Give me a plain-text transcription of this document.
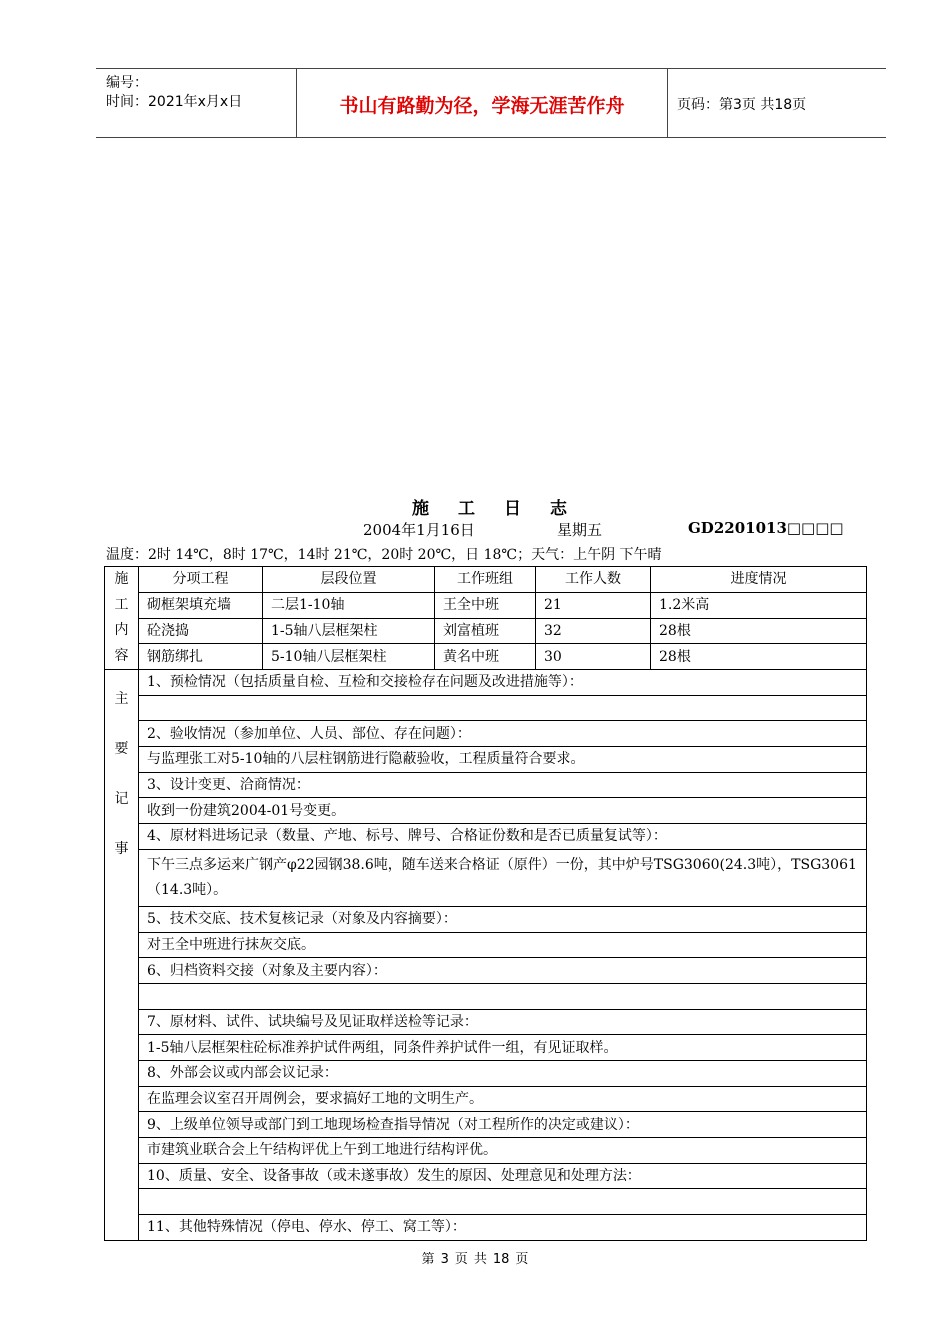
编号：
时间：2021年x月x日	书山有路勤为径，学海无涯苦作舟	页码：第3页 共18页
施 工 日 志
2004年1月16日	星期五	GD2201013□□□□
温度：2时 14℃，8时 17℃，14时 21℃，20时 20℃，日 18℃；天气：上午阴 下午晴
施
工
内
容	分项工程	层段位置	工作班组	工作人数	进度情况
	砌框架填充墙	二层1-10轴	王全中班	21	1.2米高
	砼浇捣	1-5轴八层框架柱	刘富植班	32	28根
	钢筋绑扎	5-10轴八层框架柱	黄名中班	30	28根

主
要
记
事	1、预检情况（包括质量自检、互检和交接检存在问题及改进措施等）：				

	2、验收情况（参加单位、人员、部位、存在问题）：				
	与监理张工对5-10轴的八层柱钢筋进行隐蔽验收，工程质量符合要求。				
	3、设计变更、洽商情况：				
	收到一份建筑2004-01号变更。				
	4、原材料进场记录（数量、产地、标号、牌号、合格证份数和是否已质量复试等）：				
	下午三点多运来广钢产φ22园钢38.6吨，随车送来合格证（原件）一份，其中炉号TSG3060(24.3吨），TSG3061（14.3吨）。				
	5、技术交底、技术复核记录（对象及内容摘要）：				
	对王全中班进行抹灰交底。				
	6、归档资料交接（对象及主要内容）：				

	7、原材料、试件、试块编号及见证取样送检等记录：				
	1-5轴八层框架柱砼标准养护试件两组，同条件养护试件一组，有见证取样。				
	8、外部会议或内部会议记录：				
	在监理会议室召开周例会，要求搞好工地的文明生产。				
	9、上级单位领导或部门到工地现场检查指导情况（对工程所作的决定或建议）：				
	市建筑业联合会上午结构评优上午到工地进行结构评优。				
	10、质量、安全、设备事故（或未遂事故）发生的原因、处理意见和处理方法：				

	11、其他特殊情况（停电、停水、停工、窝工等）：				
第 3 页 共 18 页
